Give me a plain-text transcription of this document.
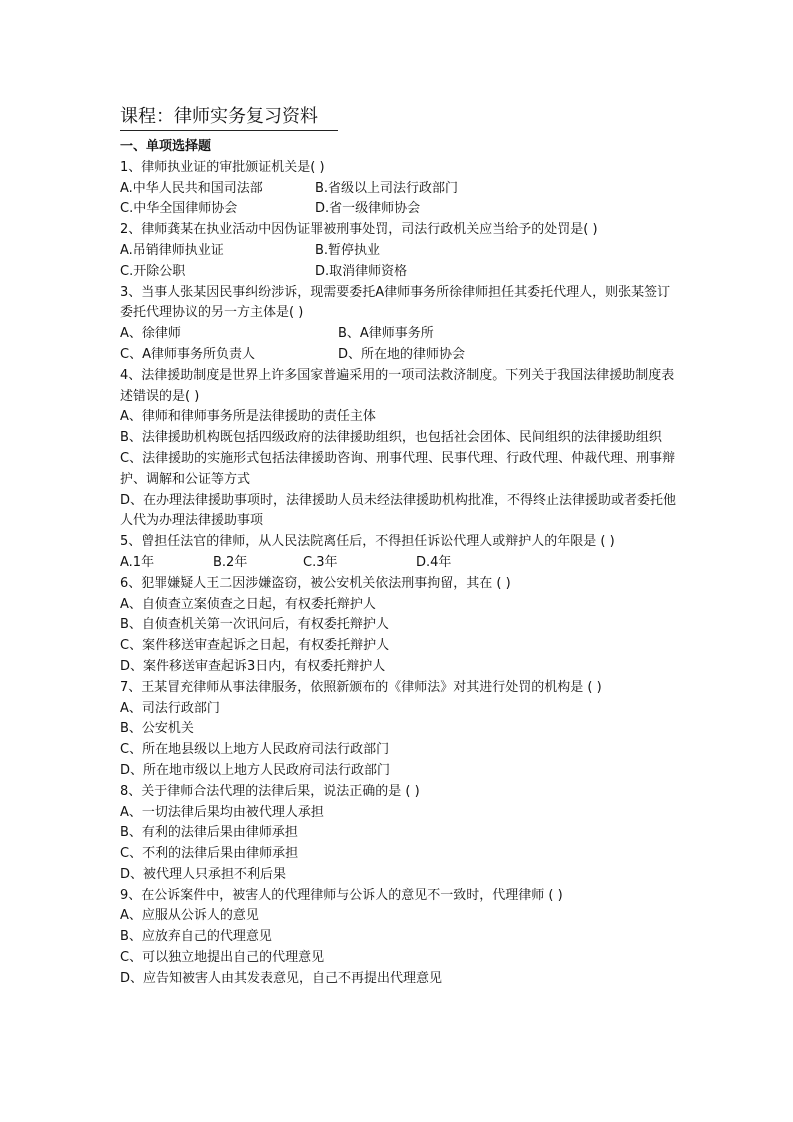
课程：律师实务复习资料
一、单项选择题
1、律师执业证的审批颁证机关是( )
A.中华人民共和国司法部	B.省级以上司法行政部门
C.中华全国律师协会	D.省一级律师协会
2、律师龚某在执业活动中因伪证罪被刑事处罚，司法行政机关应当给予的处罚是( )
A.吊销律师执业证	B.暂停执业
C.开除公职	D.取消律师资格
3、当事人张某因民事纠纷涉诉，现需要委托A律师事务所徐律师担任其委托代理人，则张某签订委托代理协议的另一方主体是( )
A、徐律师	B、A律师事务所
C、A律师事务所负责人	D、所在地的律师协会
4、法律援助制度是世界上许多国家普遍采用的一项司法救济制度。下列关于我国法律援助制度表述错误的是( )
A、律师和律师事务所是法律援助的责任主体
B、法律援助机构既包括四级政府的法律援助组织，也包括社会团体、民间组织的法律援助组织
C、法律援助的实施形式包括法律援助咨询、刑事代理、民事代理、行政代理、仲裁代理、刑事辩护、调解和公证等方式
D、在办理法律援助事项时，法律援助人员未经法律援助机构批准，不得终止法律援助或者委托他人代为办理法律援助事项
5、曾担任法官的律师，从人民法院离任后，不得担任诉讼代理人或辩护人的年限是 ( )
A.1年	B.2年	C.3年	D.4年
6、犯罪嫌疑人王二因涉嫌盗窃，被公安机关依法刑事拘留，其在 ( )
A、自侦查立案侦查之日起，有权委托辩护人
B、自侦查机关第一次讯问后，有权委托辩护人
C、案件移送审查起诉之日起，有权委托辩护人
D、案件移送审查起诉3日内，有权委托辩护人
7、王某冒充律师从事法律服务，依照新颁布的《律师法》对其进行处罚的机构是 ( )
A、司法行政部门
B、公安机关
C、所在地县级以上地方人民政府司法行政部门
D、所在地市级以上地方人民政府司法行政部门
8、关于律师合法代理的法律后果，说法正确的是 ( )
A、一切法律后果均由被代理人承担
B、有利的法律后果由律师承担
C、不利的法律后果由律师承担
D、被代理人只承担不利后果
9、在公诉案件中，被害人的代理律师与公诉人的意见不一致时，代理律师 ( )
A、应服从公诉人的意见
B、应放弃自己的代理意见
C、可以独立地提出自己的代理意见
D、应告知被害人由其发表意见，自己不再提出代理意见
